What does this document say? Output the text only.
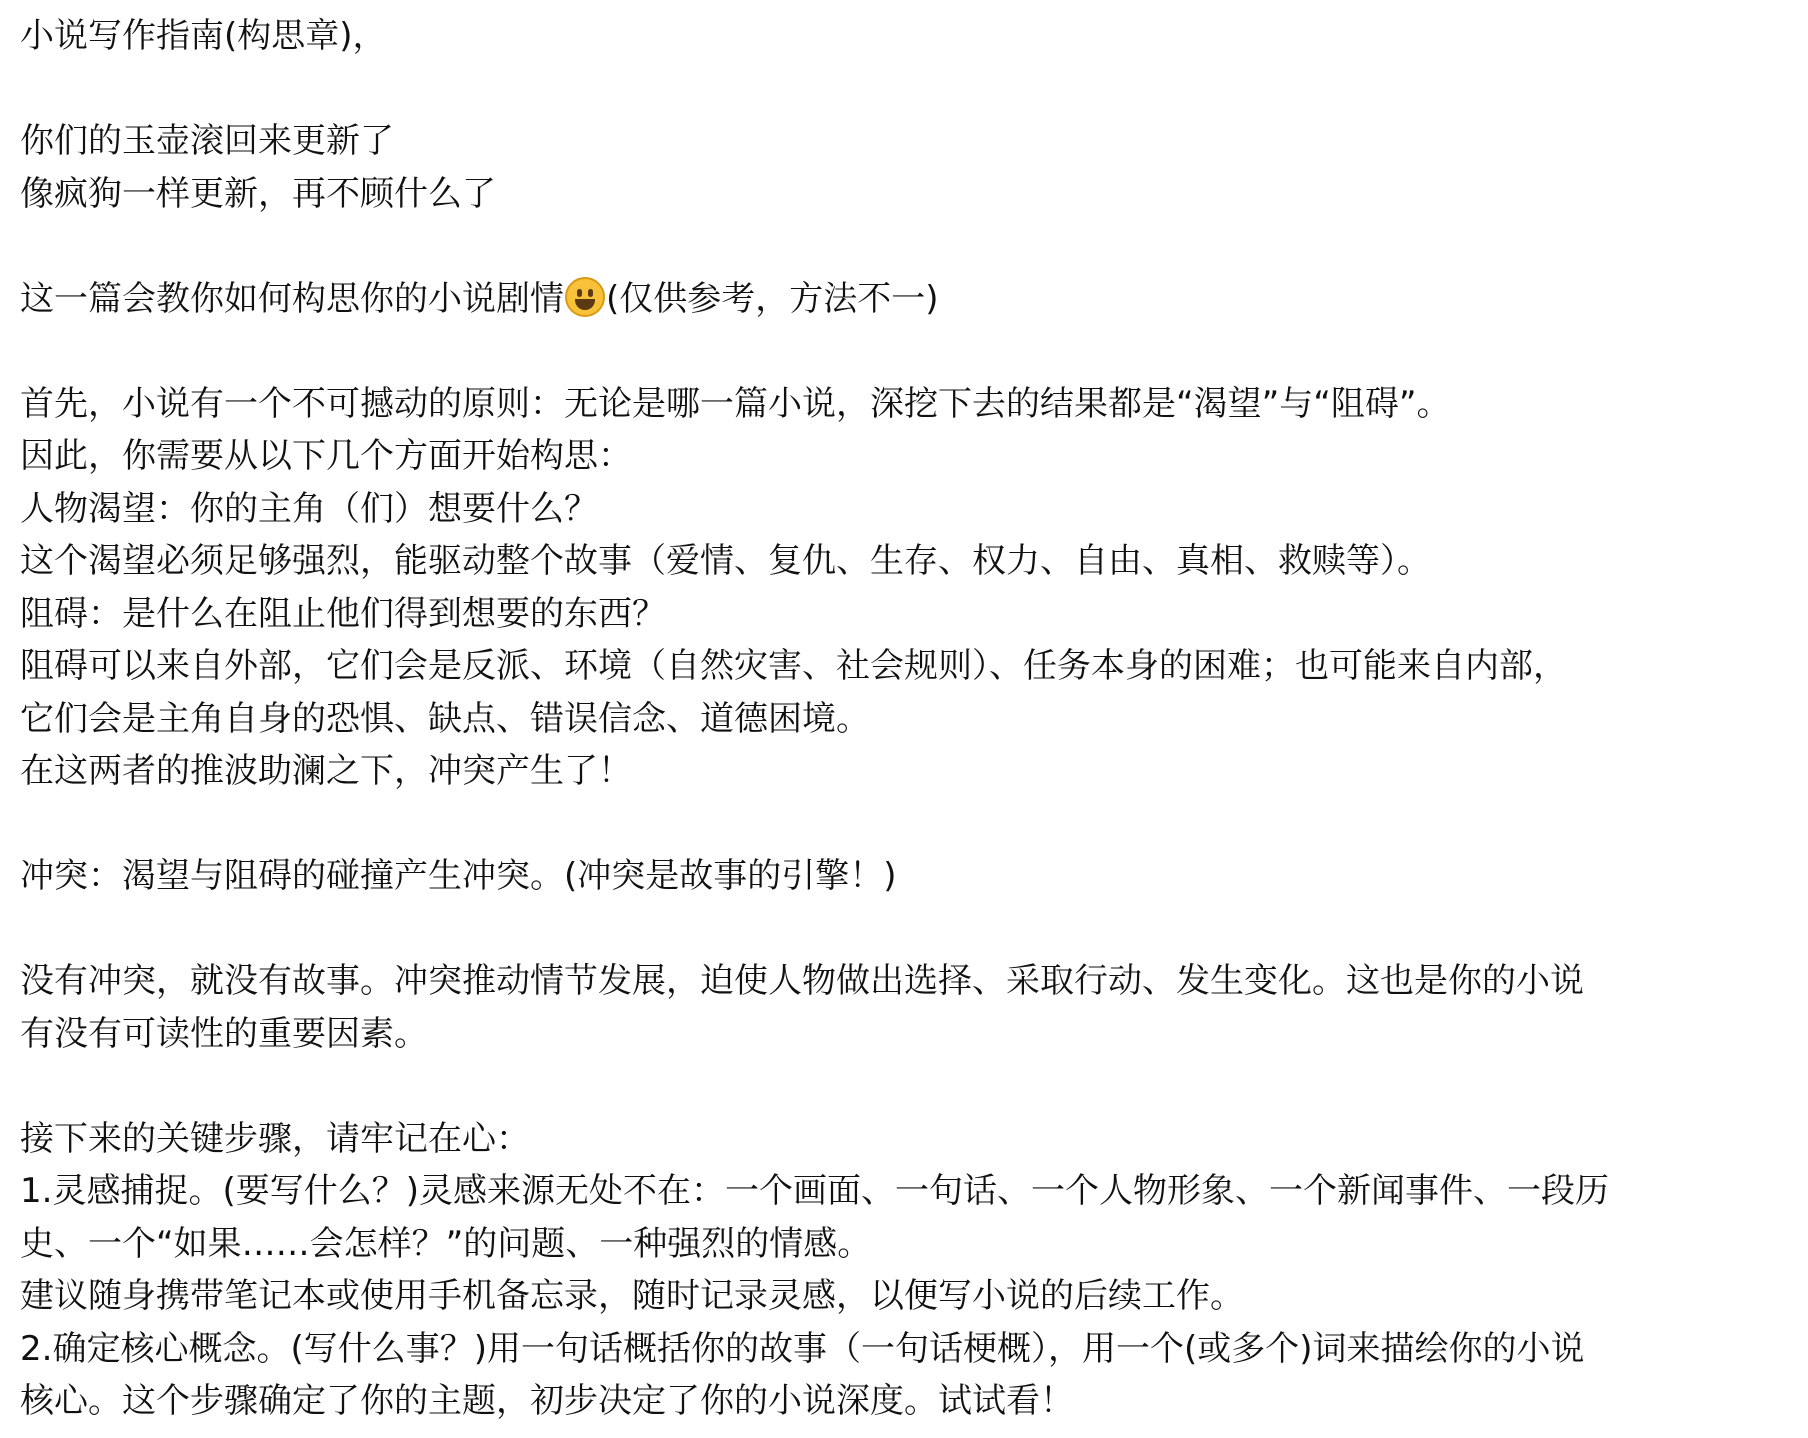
小说写作指南(构思章)，
你们的玉壶滚回来更新了
像疯狗一样更新，再不顾什么了
这一篇会教你如何构思你的小说剧情 (仅供参考，方法不一)
首先，小说有一个不可撼动的原则：无论是哪一篇小说，深挖下去的结果都是“渴望”与“阻碍”。
因此，你需要从以下几个方面开始构思：
人物渴望：你的主角（们）想要什么？
这个渴望必须足够强烈，能驱动整个故事（爱情、复仇、生存、权力、自由、真相、救赎等）。
阻碍：是什么在阻止他们得到想要的东西？
阻碍可以来自外部，它们会是反派、环境（自然灾害、社会规则）、任务本身的困难；也可能来自内部，
它们会是主角自身的恐惧、缺点、错误信念、道德困境。
在这两者的推波助澜之下，冲突产生了！
冲突：渴望与阻碍的碰撞产生冲突。(冲突是故事的引擎！)
没有冲突，就没有故事。冲突推动情节发展，迫使人物做出选择、采取行动、发生变化。这也是你的小说
有没有可读性的重要因素。
接下来的关键步骤，请牢记在心：
1.灵感捕捉。(要写什么？)灵感来源无处不在：一个画面、一句话、一个人物形象、一个新闻事件、一段历
史、一个“如果……会怎样？”的问题、一种强烈的情感。
建议随身携带笔记本或使用手机备忘录，随时记录灵感，以便写小说的后续工作。
2.确定核心概念。(写什么事？)用一句话概括你的故事（一句话梗概），用一个(或多个)词来描绘你的小说
核心。这个步骤确定了你的主题，初步决定了你的小说深度。试试看！
